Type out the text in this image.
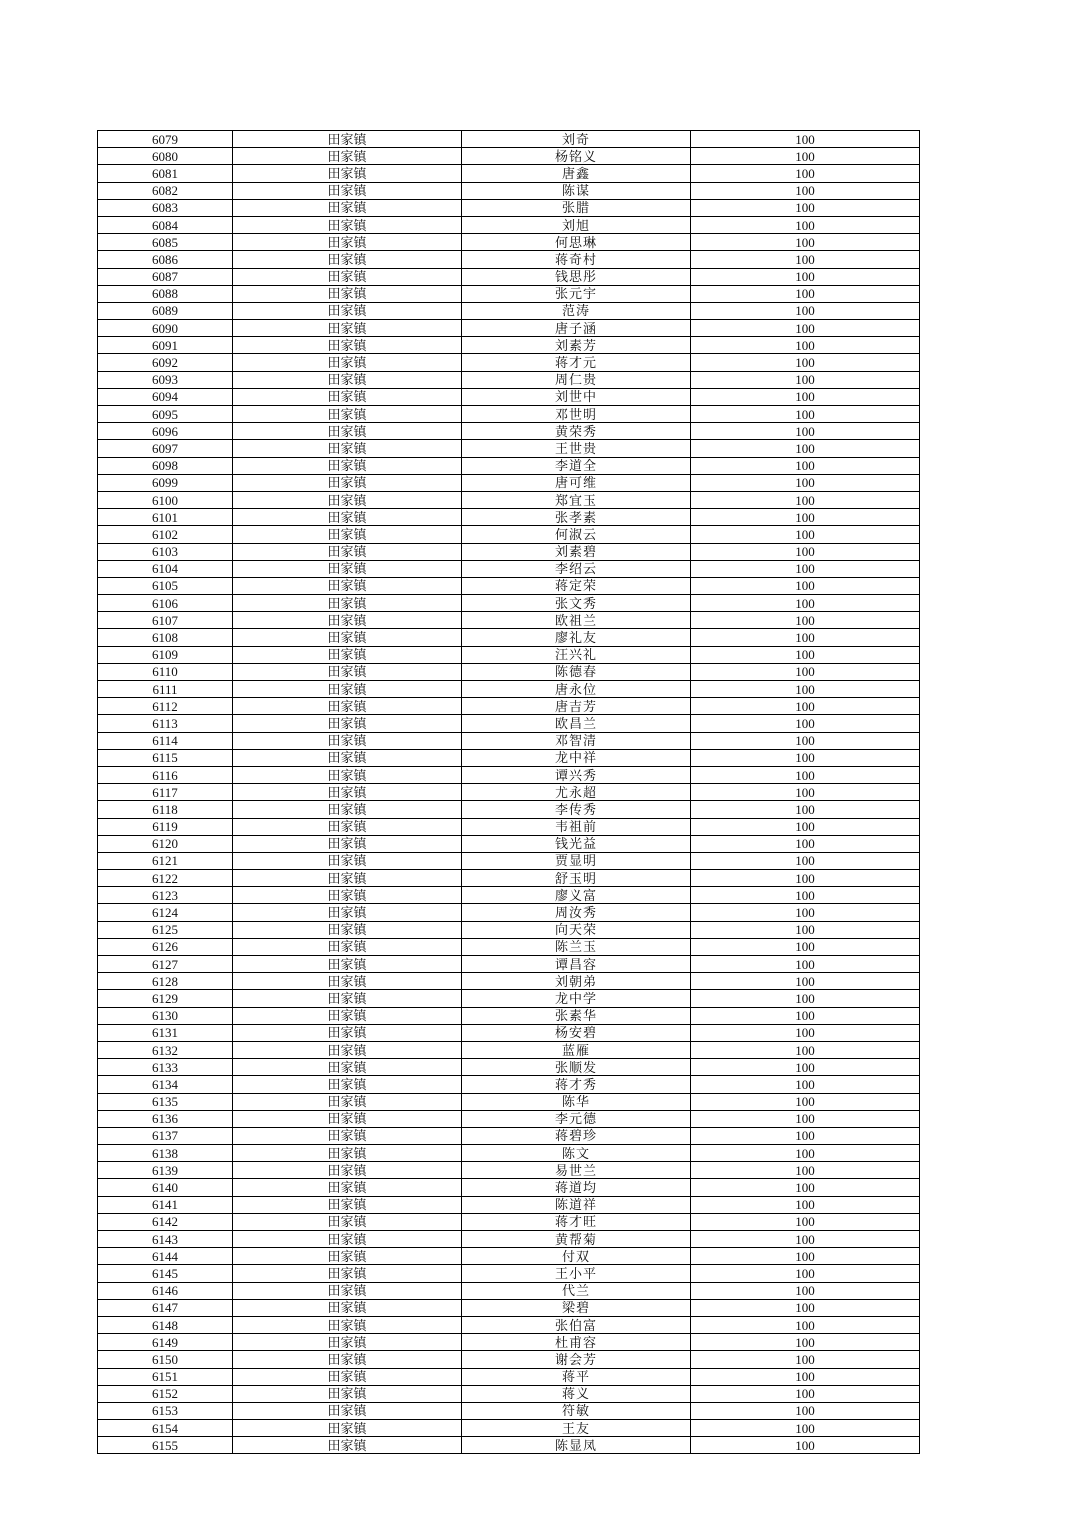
6079	田家镇	刘奇	100
6080	田家镇	杨铭义	100
6081	田家镇	唐鑫	100
6082	田家镇	陈谋	100
6083	田家镇	张腊	100
6084	田家镇	刘旭	100
6085	田家镇	何思琳	100
6086	田家镇	蒋奇村	100
6087	田家镇	钱思彤	100
6088	田家镇	张元宇	100
6089	田家镇	范涛	100
6090	田家镇	唐子涵	100
6091	田家镇	刘素芳	100
6092	田家镇	蒋才元	100
6093	田家镇	周仁贵	100
6094	田家镇	刘世中	100
6095	田家镇	邓世明	100
6096	田家镇	黄荣秀	100
6097	田家镇	王世贵	100
6098	田家镇	李道全	100
6099	田家镇	唐可维	100
6100	田家镇	郑宜玉	100
6101	田家镇	张孝素	100
6102	田家镇	何淑云	100
6103	田家镇	刘素碧	100
6104	田家镇	李绍云	100
6105	田家镇	蒋定荣	100
6106	田家镇	张文秀	100
6107	田家镇	欧祖兰	100
6108	田家镇	廖礼友	100
6109	田家镇	汪兴礼	100
6110	田家镇	陈德春	100
6111	田家镇	唐永位	100
6112	田家镇	唐吉芳	100
6113	田家镇	欧昌兰	100
6114	田家镇	邓智清	100
6115	田家镇	龙中祥	100
6116	田家镇	谭兴秀	100
6117	田家镇	尤永超	100
6118	田家镇	李传秀	100
6119	田家镇	韦祖前	100
6120	田家镇	钱光益	100
6121	田家镇	贾显明	100
6122	田家镇	舒玉明	100
6123	田家镇	廖义富	100
6124	田家镇	周汝秀	100
6125	田家镇	向天荣	100
6126	田家镇	陈兰玉	100
6127	田家镇	谭昌容	100
6128	田家镇	刘朝弟	100
6129	田家镇	龙中学	100
6130	田家镇	张素华	100
6131	田家镇	杨安碧	100
6132	田家镇	蓝雁	100
6133	田家镇	张顺发	100
6134	田家镇	蒋才秀	100
6135	田家镇	陈华	100
6136	田家镇	李元德	100
6137	田家镇	蒋碧珍	100
6138	田家镇	陈文	100
6139	田家镇	易世兰	100
6140	田家镇	蒋道均	100
6141	田家镇	陈道祥	100
6142	田家镇	蒋才旺	100
6143	田家镇	黄帮菊	100
6144	田家镇	付双	100
6145	田家镇	王小平	100
6146	田家镇	代兰	100
6147	田家镇	梁碧	100
6148	田家镇	张伯富	100
6149	田家镇	杜甫容	100
6150	田家镇	谢会芳	100
6151	田家镇	蒋平	100
6152	田家镇	蒋义	100
6153	田家镇	符敏	100
6154	田家镇	王友	100
6155	田家镇	陈显凤	100
